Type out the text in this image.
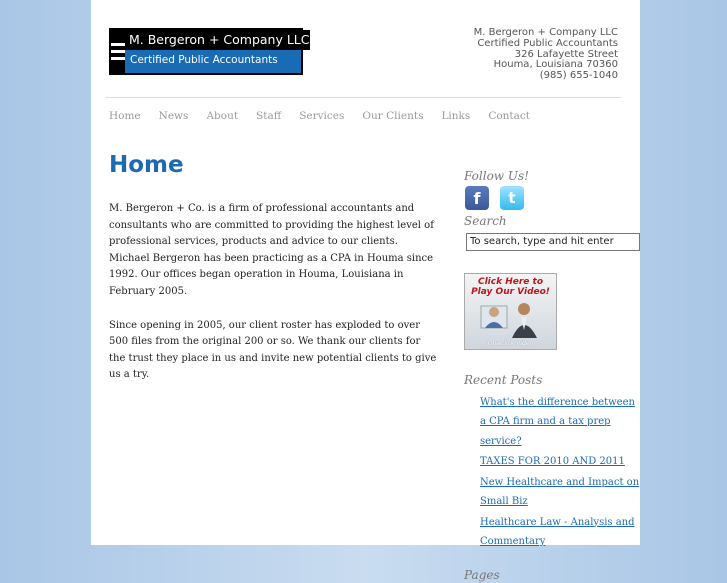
M. Bergeron + Company LLC
Certified Public Accountants
M. Bergeron + Company LLC
Certified Public Accountants
326 Lafayette Street
Houma, Louisiana 70360
(985) 655-1040
Home News About Staff Services Our Clients Links Contact
Home

M. Bergeron + Co. is a firm of professional accountants and consultants who are committed to providing the highest level of professional services, products and advice to our clients. Michael Bergeron has been practicing as a CPA in Houma since 1992. Our offices began operation in Houma, Louisiana in February 2005.

Since opening in 2005, our client roster has exploded to over 500 files from the original 200 or so. We thank our clients for the trust they place in us and invite new potential clients to give us a try.

Follow Us!
f	t
Search
To search, type and hit enter
Click Here to
Play Our Video!
OneClick Video
Recent Posts
What's the difference between a CPA firm and a tax prep service?
TAXES FOR 2010 AND 2011
New Healthcare and Impact on Small Biz
Healthcare Law - Analysis and Commentary
Pages
